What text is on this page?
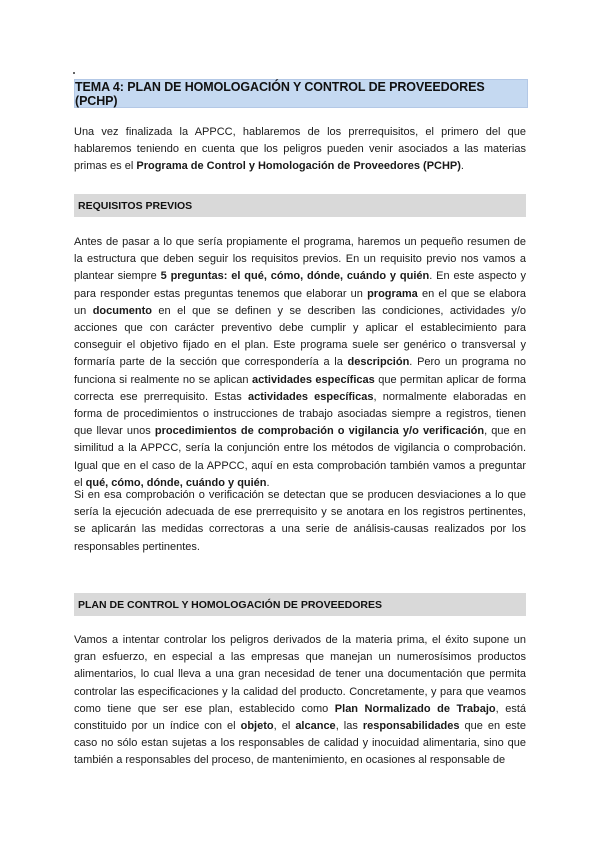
TEMA 4: PLAN DE HOMOLOGACIÓN Y CONTROL DE PROVEEDORES (PCHP)

Una vez finalizada la APPCC, hablaremos de los prerrequisitos, el primero del que hablaremos teniendo en cuenta que los peligros pueden venir asociados a las materias primas es el Programa de Control y Homologación de Proveedores (PCHP).

REQUISITOS PREVIOS

Antes de pasar a lo que sería propiamente el programa, haremos un pequeño resumen de la estructura que deben seguir los requisitos previos. En un requisito previo nos vamos a plantear siempre 5 preguntas: el qué, cómo, dónde, cuándo y quién. En este aspecto y para responder estas preguntas tenemos que elaborar un programa en el que se elabora un documento en el que se definen y se describen las condiciones, actividades y/o acciones que con carácter preventivo debe cumplir y aplicar el establecimiento para conseguir el objetivo fijado en el plan. Este programa suele ser genérico o transversal y formaría parte de la sección que correspondería a la descripción. Pero un programa no funciona si realmente no se aplican actividades específicas que permitan aplicar de forma correcta ese prerrequisito. Estas actividades específicas, normalmente elaboradas en forma de procedimientos o instrucciones de trabajo asociadas siempre a registros, tienen que llevar unos procedimientos de comprobación o vigilancia y/o verificación, que en similitud a la APPCC, sería la conjunción entre los métodos de vigilancia o comprobación. Igual que en el caso de la APPCC, aquí en esta comprobación también vamos a preguntar el qué, cómo, dónde, cuándo y quién.

Si en esa comprobación o verificación se detectan que se producen desviaciones a lo que sería la ejecución adecuada de ese prerrequisito y se anotara en los registros pertinentes, se aplicarán las medidas correctoras a una serie de análisis-causas realizados por los responsables pertinentes.

PLAN DE CONTROL Y HOMOLOGACIÓN DE PROVEEDORES

Vamos a intentar controlar los peligros derivados de la materia prima, el éxito supone un gran esfuerzo, en especial a las empresas que manejan un numerosísimos productos alimentarios, lo cual lleva a una gran necesidad de tener una documentación que permita controlar las especificaciones y la calidad del producto. Concretamente, y para que veamos como tiene que ser ese plan, establecido como Plan Normalizado de Trabajo, está constituido por un índice con el objeto, el alcance, las responsabilidades que en este caso no sólo estan sujetas a los responsables de calidad y inocuidad alimentaria, sino que también a responsables del proceso, de mantenimiento, en ocasiones al responsable de
